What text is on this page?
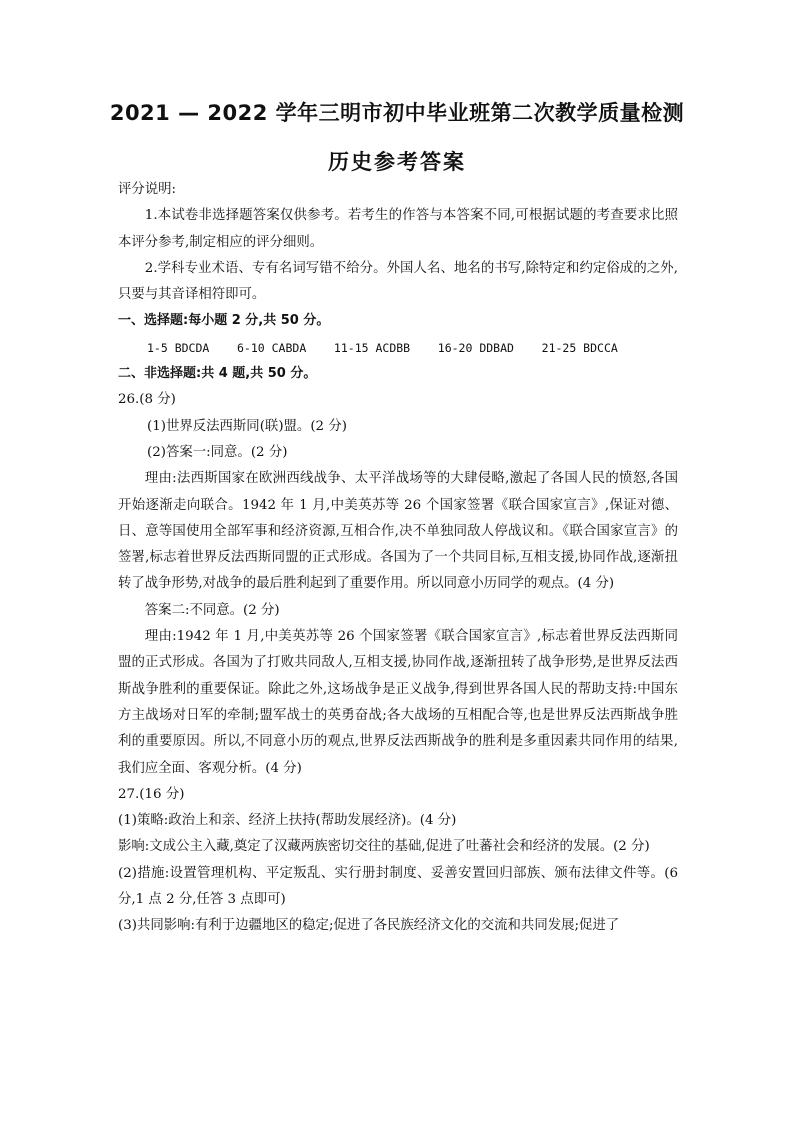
2021 — 2022 学年三明市初中毕业班第二次教学质量检测
历史参考答案

评分说明:

1.本试卷非选择题答案仅供参考。若考生的作答与本答案不同,可根据试题的考查要求比照本评分参考,制定相应的评分细则。

2.学科专业术语、专有名词写错不给分。外国人名、地名的书写,除特定和约定俗成的之外,只要与其音译相符即可。

一、选择题:每小题 2 分,共 50 分。

1-5 BDCDA    6-10 CABDA    11-15 ACDBB    16-20 DDBAD    21-25 BDCCA

二、非选择题:共 4 题,共 50 分。

26.(8 分)

(1)世界反法西斯同(联)盟。(2 分)

(2)答案一:同意。(2 分)

理由:法西斯国家在欧洲西线战争、太平洋战场等的大肆侵略,激起了各国人民的愤怒,各国开始逐渐走向联合。1942 年 1 月,中美英苏等 26 个国家签署《联合国家宣言》,保证对德、日、意等国使用全部军事和经济资源,互相合作,决不单独同敌人停战议和。《联合国家宣言》的签署,标志着世界反法西斯同盟的正式形成。各国为了一个共同目标,互相支援,协同作战,逐渐扭转了战争形势,对战争的最后胜利起到了重要作用。所以同意小历同学的观点。(4 分)

答案二:不同意。(2 分)

理由:1942 年 1 月,中美英苏等 26 个国家签署《联合国家宣言》,标志着世界反法西斯同盟的正式形成。各国为了打败共同敌人,互相支援,协同作战,逐渐扭转了战争形势,是世界反法西斯战争胜利的重要保证。除此之外,这场战争是正义战争,得到世界各国人民的帮助支持:中国东方主战场对日军的牵制;盟军战士的英勇奋战;各大战场的互相配合等,也是世界反法西斯战争胜利的重要原因。所以,不同意小历的观点,世界反法西斯战争的胜利是多重因素共同作用的结果,我们应全面、客观分析。(4 分)

27.(16 分)

(1)策略:政治上和亲、经济上扶持(帮助发展经济)。(4 分)

影响:文成公主入藏,奠定了汉藏两族密切交往的基础,促进了吐蕃社会和经济的发展。(2 分)

(2)措施:设置管理机构、平定叛乱、实行册封制度、妥善安置回归部族、颁布法律文件等。(6 分,1 点 2 分,任答 3 点即可)

(3)共同影响:有利于边疆地区的稳定;促进了各民族经济文化的交流和共同发展;促进了
